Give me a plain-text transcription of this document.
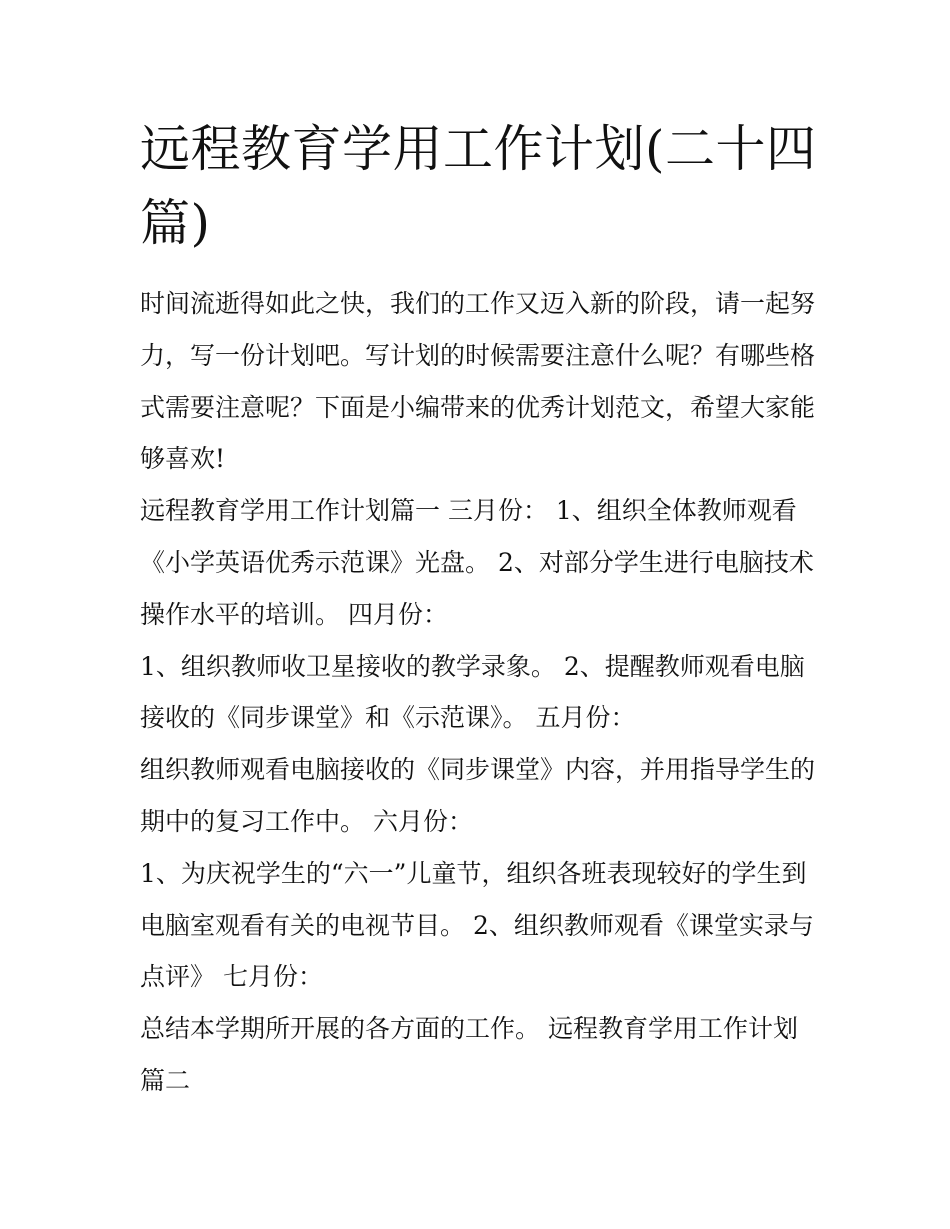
远程教育学用工作计划(二十四篇)

时间流逝得如此之快，我们的工作又迈入新的阶段，请一起努力，写一份计划吧。写计划的时候需要注意什么呢？有哪些格式需要注意呢？下面是小编带来的优秀计划范文，希望大家能够喜欢!

远程教育学用工作计划篇一 三月份： 1、组织全体教师观看《小学英语优秀示范课》光盘。 2、对部分学生进行电脑技术操作水平的培训。 四月份：

1、组织教师收卫星接收的教学录象。 2、提醒教师观看电脑接收的《同步课堂》和《示范课》。 五月份：

组织教师观看电脑接收的《同步课堂》内容，并用指导学生的期中的复习工作中。 六月份：

1、为庆祝学生的“六一”儿童节，组织各班表现较好的学生到电脑室观看有关的电视节目。 2、组织教师观看《课堂实录与点评》 七月份：

总结本学期所开展的各方面的工作。 远程教育学用工作计划篇二
